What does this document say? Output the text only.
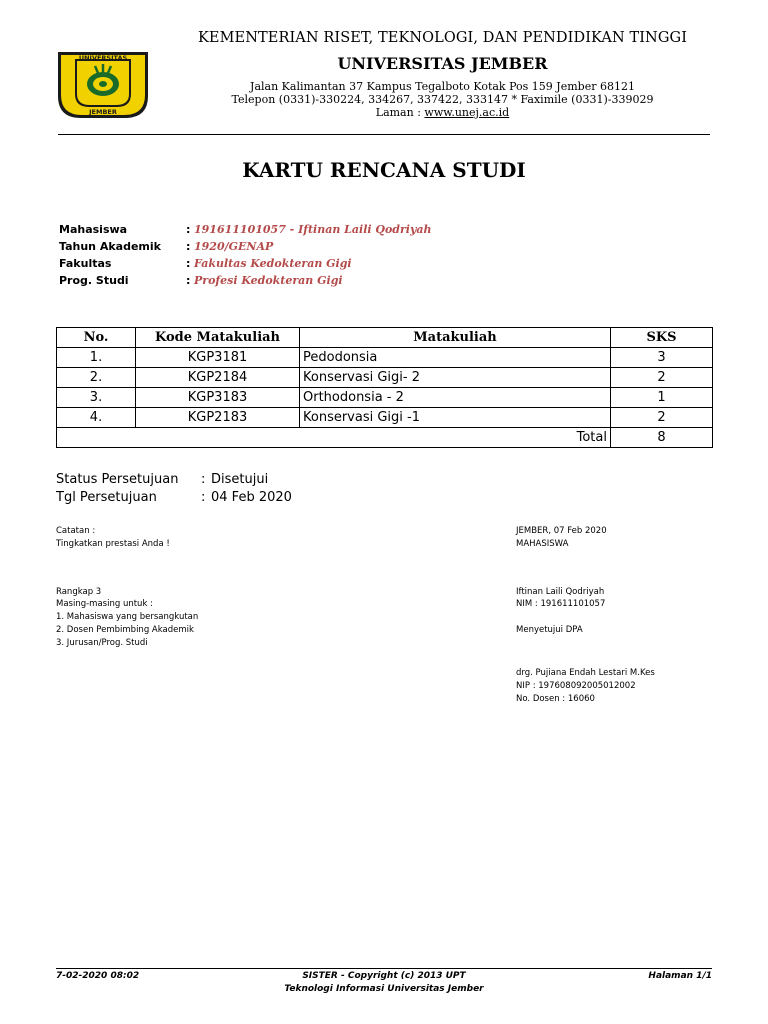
UNIVERSITAS
JEMBER
KEMENTERIAN RISET, TEKNOLOGI, DAN PENDIDIKAN TINGGI
UNIVERSITAS JEMBER
Jalan Kalimantan 37 Kampus Tegalboto Kotak Pos 159 Jember 68121
Telepon (0331)-330224, 334267, 337422, 333147 * Faximile (0331)-339029
Laman : www.unej.ac.id
KARTU RENCANA STUDI
Mahasiswa	: 191611101057 - Iftinan Laili Qodriyah
Tahun Akademik : 1920/GENAP
Fakultas	: Fakultas Kedokteran Gigi
Prog. Studi	: Profesi Kedokteran Gigi
No.	Kode Matakuliah	Matakuliah	SKS
1.	KGP3181	Pedodonsia	3
2.	KGP2184	Konservasi Gigi- 2	2
3.	KGP3183	Orthodonsia - 2	1
4.	KGP2183	Konservasi Gigi -1	2
Total			8
Status Persetujuan : Disetujui
Tgl Persetujuan	: 04 Feb 2020
Catatan :
Tingkatkan prestasi Anda !
Rangkap 3
Masing-masing untuk :
1. Mahasiswa yang bersangkutan
2. Dosen Pembimbing Akademik
3. Jurusan/Prog. Studi
JEMBER, 07 Feb 2020
MAHASISWA
Iftinan Laili Qodriyah
NIM : 191611101057
Menyetujui DPA
drg. Pujiana Endah Lestari M.Kes
NIP : 197608092005012002
No. Dosen : 16060
7-02-2020 08:02	SISTER - Copyright (c) 2013 UPT
Teknologi Informasi Universitas Jember
Halaman 1/1
